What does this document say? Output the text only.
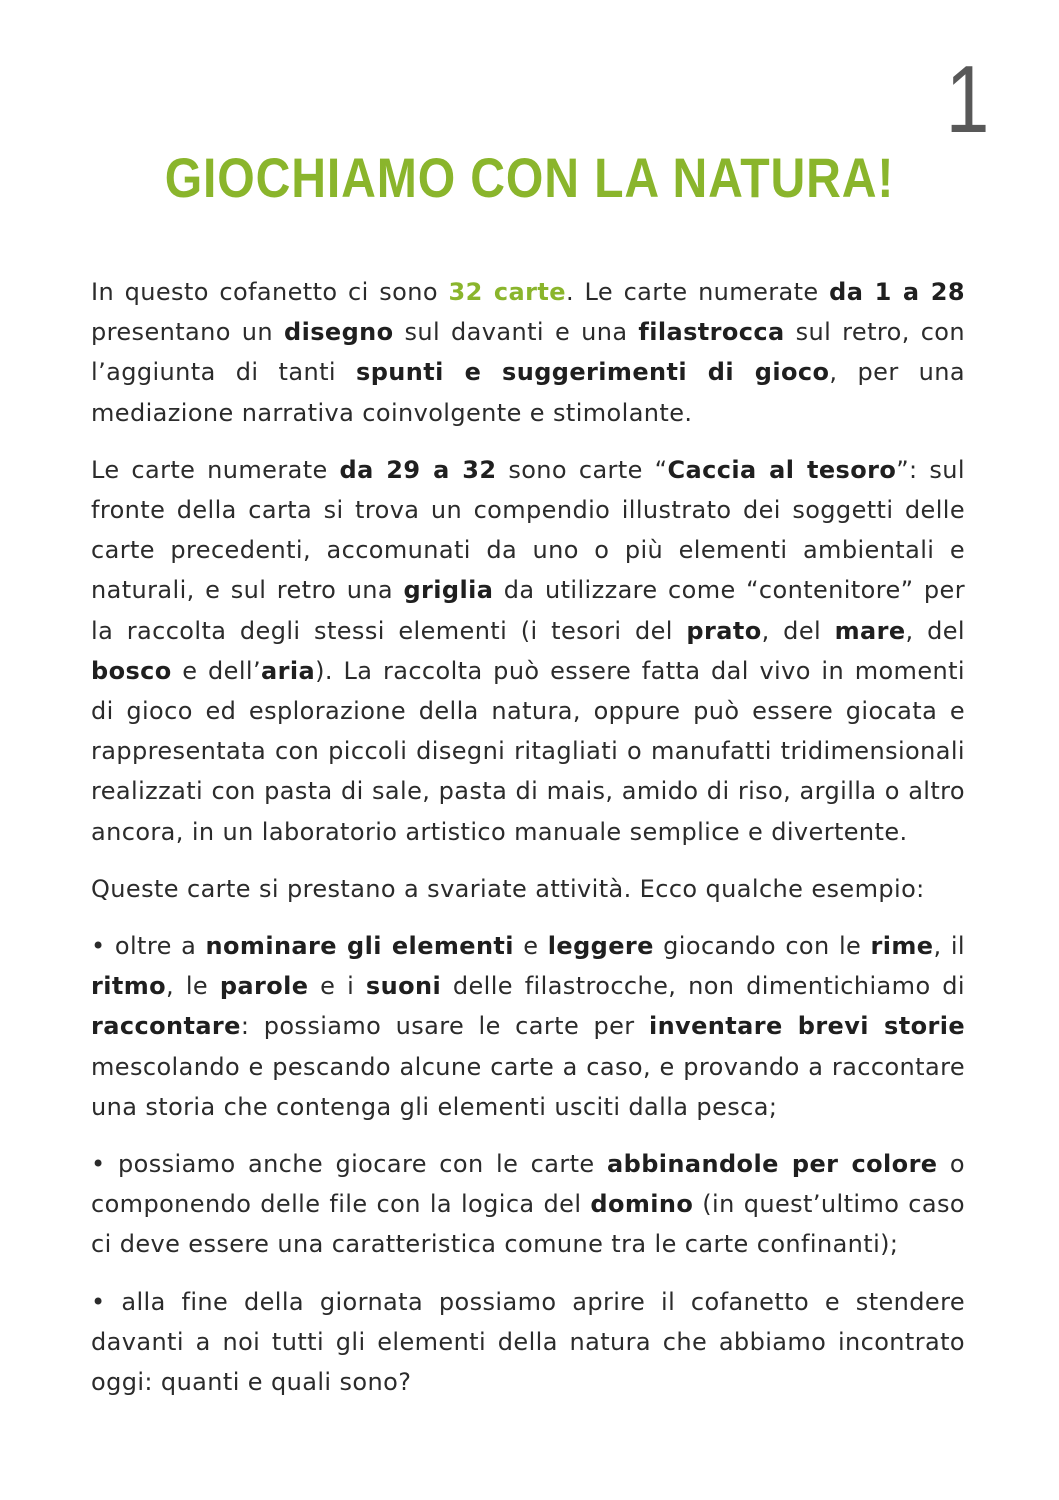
1
GIOCHIAMO CON LA NATURA!

In questo cofanetto ci sono 32 carte. Le carte numerate da 1 a 28 presentano un disegno sul davanti e una filastrocca sul retro, con l’aggiunta di tanti spunti e suggerimenti di gioco, per una mediazione narrativa coinvolgente e stimolante.

Le carte numerate da 29 a 32 sono carte “Caccia al tesoro”: sul fronte della carta si trova un compendio illustrato dei soggetti delle carte precedenti, accomunati da uno o più elementi ambientali e naturali, e sul retro una griglia da utilizzare come “contenitore” per la raccolta degli stessi elementi (i tesori del prato, del mare, del bosco e dell’aria). La raccolta può essere fatta dal vivo in momenti di gioco ed esplorazione della natura, oppure può essere giocata e rappresentata con piccoli disegni ritagliati o manufatti tridimensionali realizzati con pasta di sale, pasta di mais, amido di riso, argilla o altro ancora, in un laboratorio artistico manuale semplice e divertente.

Queste carte si prestano a svariate attività. Ecco qualche esempio:

• oltre a nominare gli elementi e leggere giocando con le rime, il ritmo, le parole e i suoni delle filastrocche, non dimentichiamo di raccontare: possiamo usare le carte per inventare brevi storie mescolando e pescando alcune carte a caso, e provando a raccontare una storia che contenga gli elementi usciti dalla pesca;

• possiamo anche giocare con le carte abbinandole per colore o componendo delle file con la logica del domino (in quest’ultimo caso ci deve essere una caratteristica comune tra le carte confinanti);

• alla fine della giornata possiamo aprire il cofanetto e stendere davanti a noi tutti gli elementi della natura che abbiamo incontrato oggi: quanti e quali sono?
